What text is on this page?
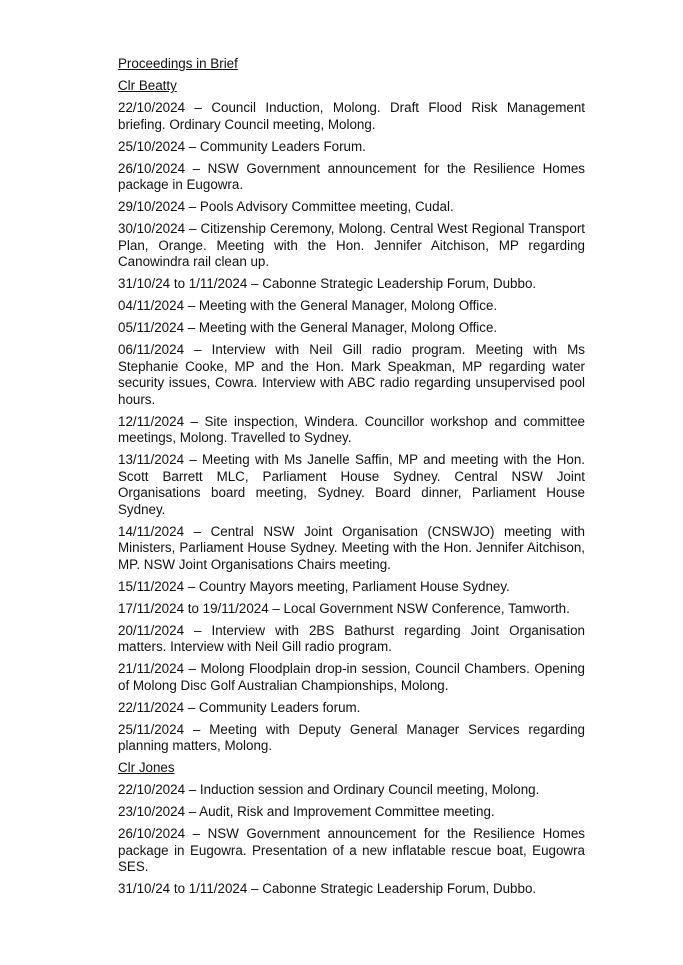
Proceedings in Brief

Clr Beatty

22/10/2024 – Council Induction, Molong. Draft Flood Risk Management briefing. Ordinary Council meeting, Molong.

25/10/2024 – Community Leaders Forum.

26/10/2024 – NSW Government announcement for the Resilience Homes package in Eugowra.

29/10/2024 – Pools Advisory Committee meeting, Cudal.

30/10/2024 – Citizenship Ceremony, Molong. Central West Regional Transport Plan, Orange. Meeting with the Hon. Jennifer Aitchison, MP regarding Canowindra rail clean up.

31/10/24 to 1/11/2024 – Cabonne Strategic Leadership Forum, Dubbo.

04/11/2024 – Meeting with the General Manager, Molong Office.

05/11/2024 – Meeting with the General Manager, Molong Office.

06/11/2024 – Interview with Neil Gill radio program. Meeting with Ms Stephanie Cooke, MP and the Hon. Mark Speakman, MP regarding water security issues, Cowra. Interview with ABC radio regarding unsupervised pool hours.

12/11/2024 – Site inspection, Windera. Councillor workshop and committee meetings, Molong. Travelled to Sydney.

13/11/2024 – Meeting with Ms Janelle Saffin, MP and meeting with the Hon. Scott Barrett MLC, Parliament House Sydney. Central NSW Joint Organisations board meeting, Sydney. Board dinner, Parliament House Sydney.

14/11/2024 – Central NSW Joint Organisation (CNSWJO) meeting with Ministers, Parliament House Sydney. Meeting with the Hon. Jennifer Aitchison, MP. NSW Joint Organisations Chairs meeting.

15/11/2024 – Country Mayors meeting, Parliament House Sydney.

17/11/2024 to 19/11/2024 – Local Government NSW Conference, Tamworth.

20/11/2024 – Interview with 2BS Bathurst regarding Joint Organisation matters. Interview with Neil Gill radio program.

21/11/2024 – Molong Floodplain drop-in session, Council Chambers. Opening of Molong Disc Golf Australian Championships, Molong.

22/11/2024 – Community Leaders forum.

25/11/2024 – Meeting with Deputy General Manager Services regarding planning matters, Molong.

Clr Jones

22/10/2024 – Induction session and Ordinary Council meeting, Molong.

23/10/2024 – Audit, Risk and Improvement Committee meeting.

26/10/2024 – NSW Government announcement for the Resilience Homes package in Eugowra. Presentation of a new inflatable rescue boat, Eugowra SES.

31/10/24 to 1/11/2024 – Cabonne Strategic Leadership Forum, Dubbo.
